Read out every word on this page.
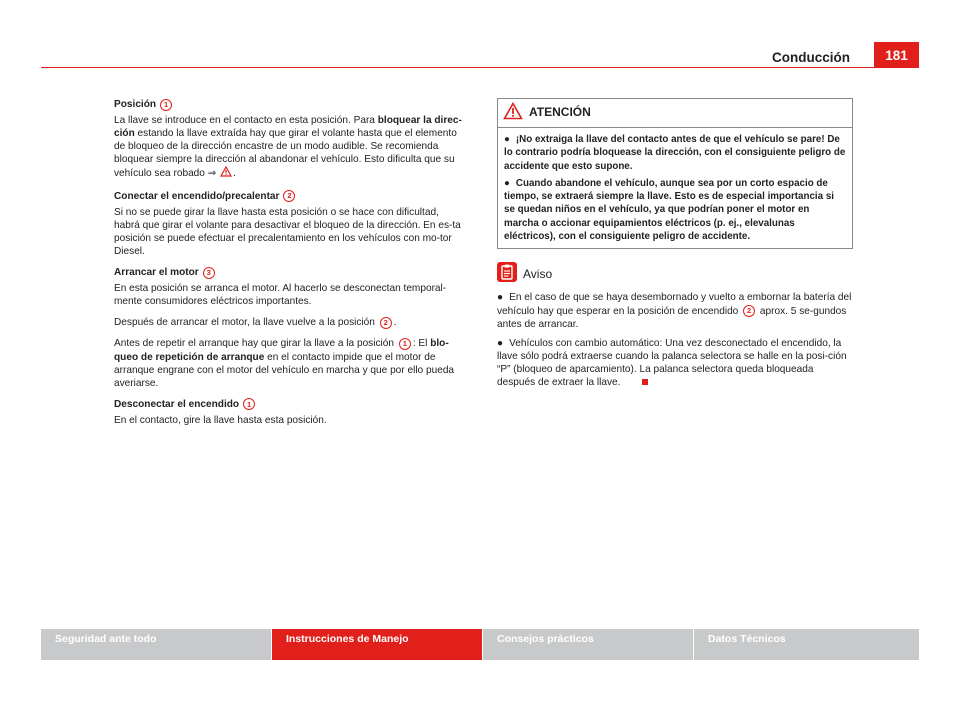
Conducción	181
Posición	1

La llave se introduce en el contacto en esta posición. Para bloquear la direc-ción estando la llave extraída hay que girar el volante hasta que el elemento de bloqueo de la dirección encastre de un modo audible. Se recomienda bloquear siempre la dirección al abandonar el vehículo. Esto dificulta que su vehículo sea robado ⇒ .

Conectar el encendido/precalentar	2

Si no se puede girar la llave hasta esta posición o se hace con dificultad, habrá que girar el volante para desactivar el bloqueo de la dirección. En es-ta posición se puede efectuar el precalentamiento en los vehículos con mo-tor Diesel.

Arrancar el motor	3

En esta posición se arranca el motor. Al hacerlo se desconectan temporal-mente consumidores eléctricos importantes.

Después de arrancar el motor, la llave vuelve a la posición 2 .

Antes de repetir el arranque hay que girar la llave a la posición 1 : El blo-queo de repetición de arranque en el contacto impide que el motor de arranque engrane con el motor del vehículo en marcha y que por ello pueda averiarse.

Desconectar el encendido	1

En el contacto, gire la llave hasta esta posición.

ATENCIÓN

● ¡No extraiga la llave del contacto antes de que el vehículo se pare! De lo contrario podría bloquease la dirección, con el consiguiente peligro de accidente que esto supone.

● Cuando abandone el vehículo, aunque sea por un corto espacio de tiempo, se extraerá siempre la llave. Esto es de especial importancia si se quedan niños en el vehículo, ya que podrían poner el motor en marcha o accionar equipamientos eléctricos (p. ej., elevalunas eléctricos), con el consiguiente peligro de accidente.

Aviso

● En el caso de que se haya desembornado y vuelto a embornar la batería del vehículo hay que esperar en la posición de encendido 2 aprox. 5 se-gundos antes de arrancar.

● Vehículos con cambio automático: Una vez desconectado el encendido, la llave sólo podrá extraerse cuando la palanca selectora se halle en la posi-ción “P” (bloqueo de aparcamiento). La palanca selectora queda bloqueada después de extraer la llave.

Seguridad ante todo	Instrucciones de Manejo	Consejos prácticos	Datos Técnicos
